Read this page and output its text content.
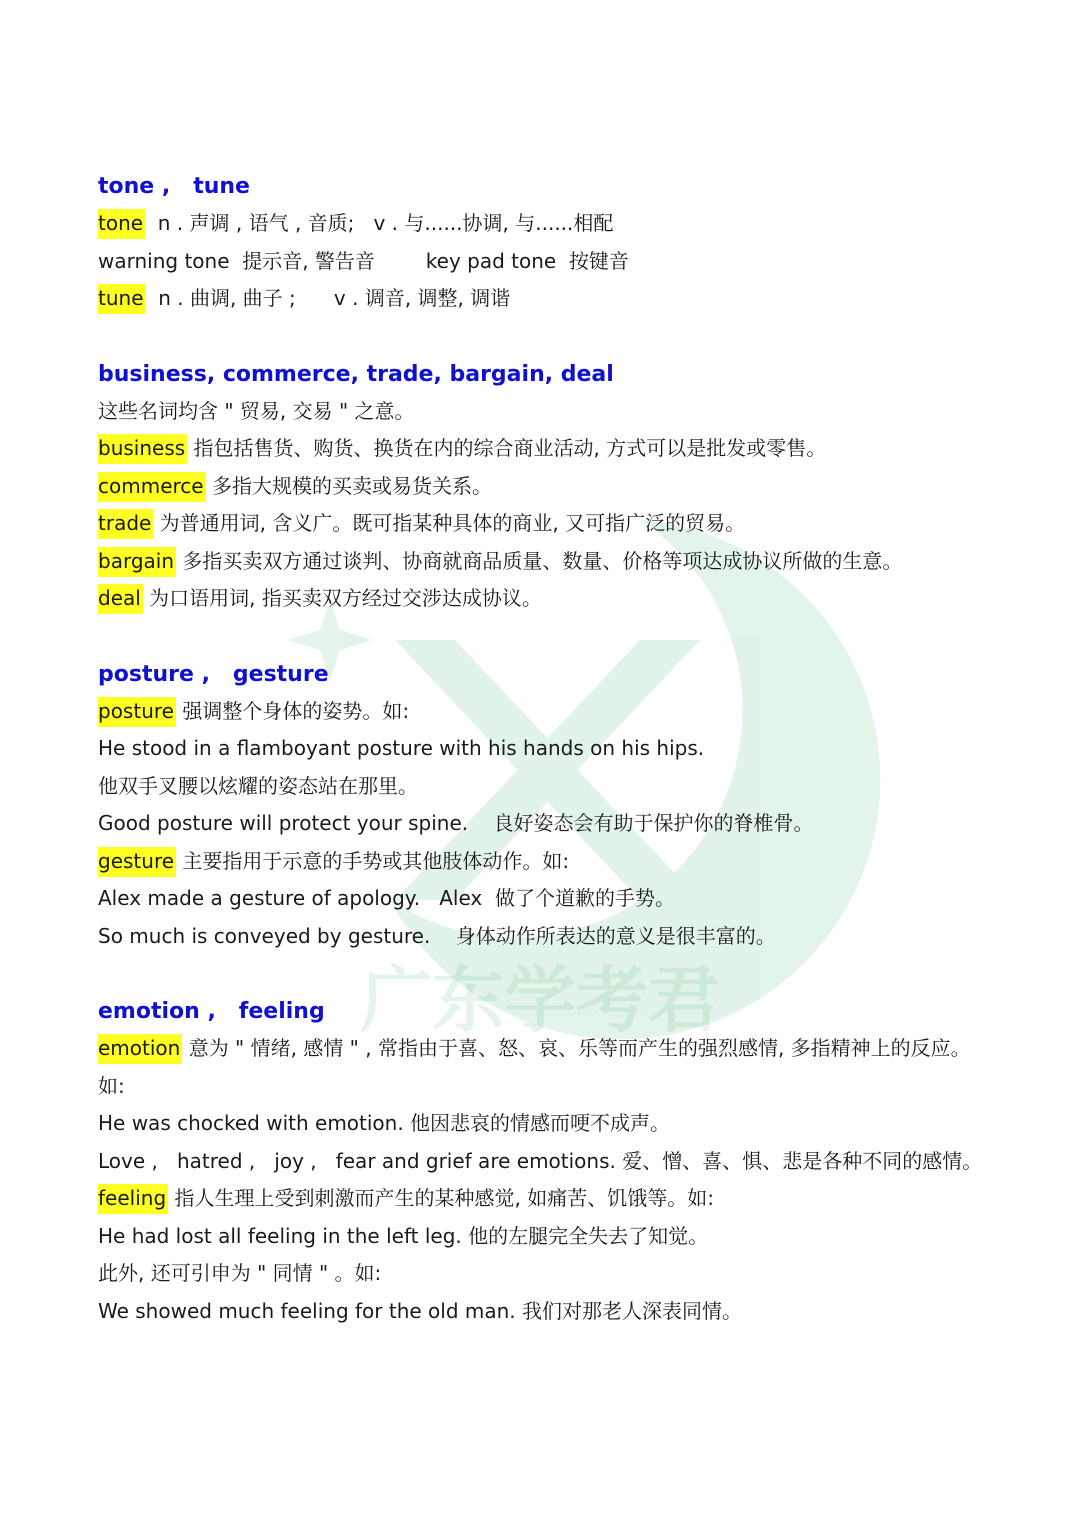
广东学考君
tone ,   tune
tone  n . 声调 , 语气 , 音质;   v . 与......协调, 与......相配
warning tone  提示音, 警告音        key pad tone  按键音
tune  n . 曲调, 曲子 ;      v . 调音, 调整, 调谐
business, commerce, trade, bargain, deal
这些名词均含 " 贸易, 交易 " 之意。
business 指包括售货、购货、换货在内的综合商业活动, 方式可以是批发或零售。
commerce 多指大规模的买卖或易货关系。
trade 为普通用词, 含义广。既可指某种具体的商业, 又可指广泛的贸易。
bargain 多指买卖双方通过谈判、协商就商品质量、数量、价格等项达成协议所做的生意。
deal 为口语用词, 指买卖双方经过交涉达成协议。
posture ,   gesture
posture 强调整个身体的姿势。如:
He stood in a flamboyant posture with his hands on his hips.
他双手叉腰以炫耀的姿态站在那里。
Good posture will protect your spine.    良好姿态会有助于保护你的脊椎骨。
gesture 主要指用于示意的手势或其他肢体动作。如:
Alex made a gesture of apology.   Alex  做了个道歉的手势。
So much is conveyed by gesture.    身体动作所表达的意义是很丰富的。
emotion ,   feeling
emotion 意为 " 情绪, 感情 " , 常指由于喜、怒、哀、乐等而产生的强烈感情, 多指精神上的反应。如:
He was chocked with emotion. 他因悲哀的情感而哽不成声。
Love ,   hatred ,   joy ,   fear and grief are emotions. 爱、憎、喜、惧、悲是各种不同的感情。
feeling 指人生理上受到刺激而产生的某种感觉, 如痛苦、饥饿等。如:
He had lost all feeling in the left leg. 他的左腿完全失去了知觉。
此外, 还可引申为 " 同情 " 。如:
We showed much feeling for the old man. 我们对那老人深表同情。
